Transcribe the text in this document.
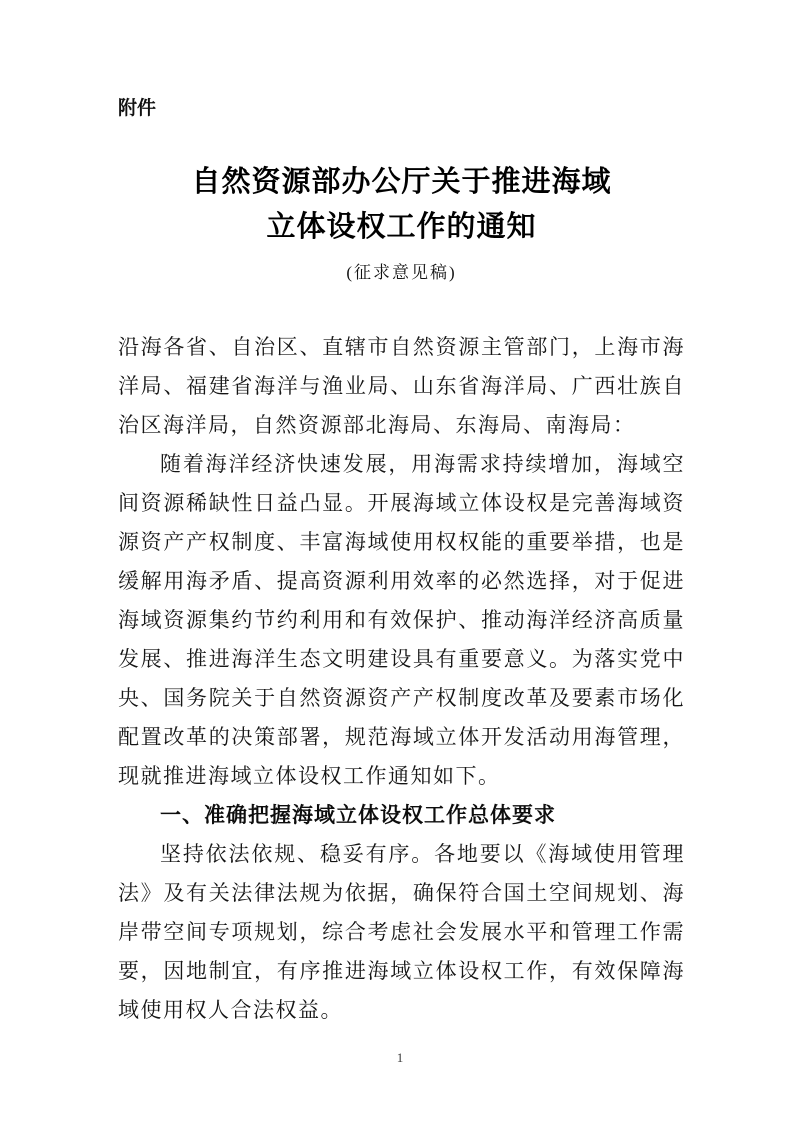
附件
自然资源部办公厅关于推进海域
立体设权工作的通知
(征求意见稿)

沿海各省、自治区、直辖市自然资源主管部门，上海市海洋局、福建省海洋与渔业局、山东省海洋局、广西壮族自治区海洋局，自然资源部北海局、东海局、南海局：

随着海洋经济快速发展，用海需求持续增加，海域空间资源稀缺性日益凸显。开展海域立体设权是完善海域资源资产产权制度、丰富海域使用权权能的重要举措，也是缓解用海矛盾、提高资源利用效率的必然选择，对于促进海域资源集约节约利用和有效保护、推动海洋经济高质量发展、推进海洋生态文明建设具有重要意义。为落实党中央、国务院关于自然资源资产产权制度改革及要素市场化配置改革的决策部署，规范海域立体开发活动用海管理，现就推进海域立体设权工作通知如下。

一、准确把握海域立体设权工作总体要求

坚持依法依规、稳妥有序。各地要以《海域使用管理法》及有关法律法规为依据，确保符合国土空间规划、海岸带空间专项规划，综合考虑社会发展水平和管理工作需要，因地制宜，有序推进海域立体设权工作，有效保障海域使用权人合法权益。

1
